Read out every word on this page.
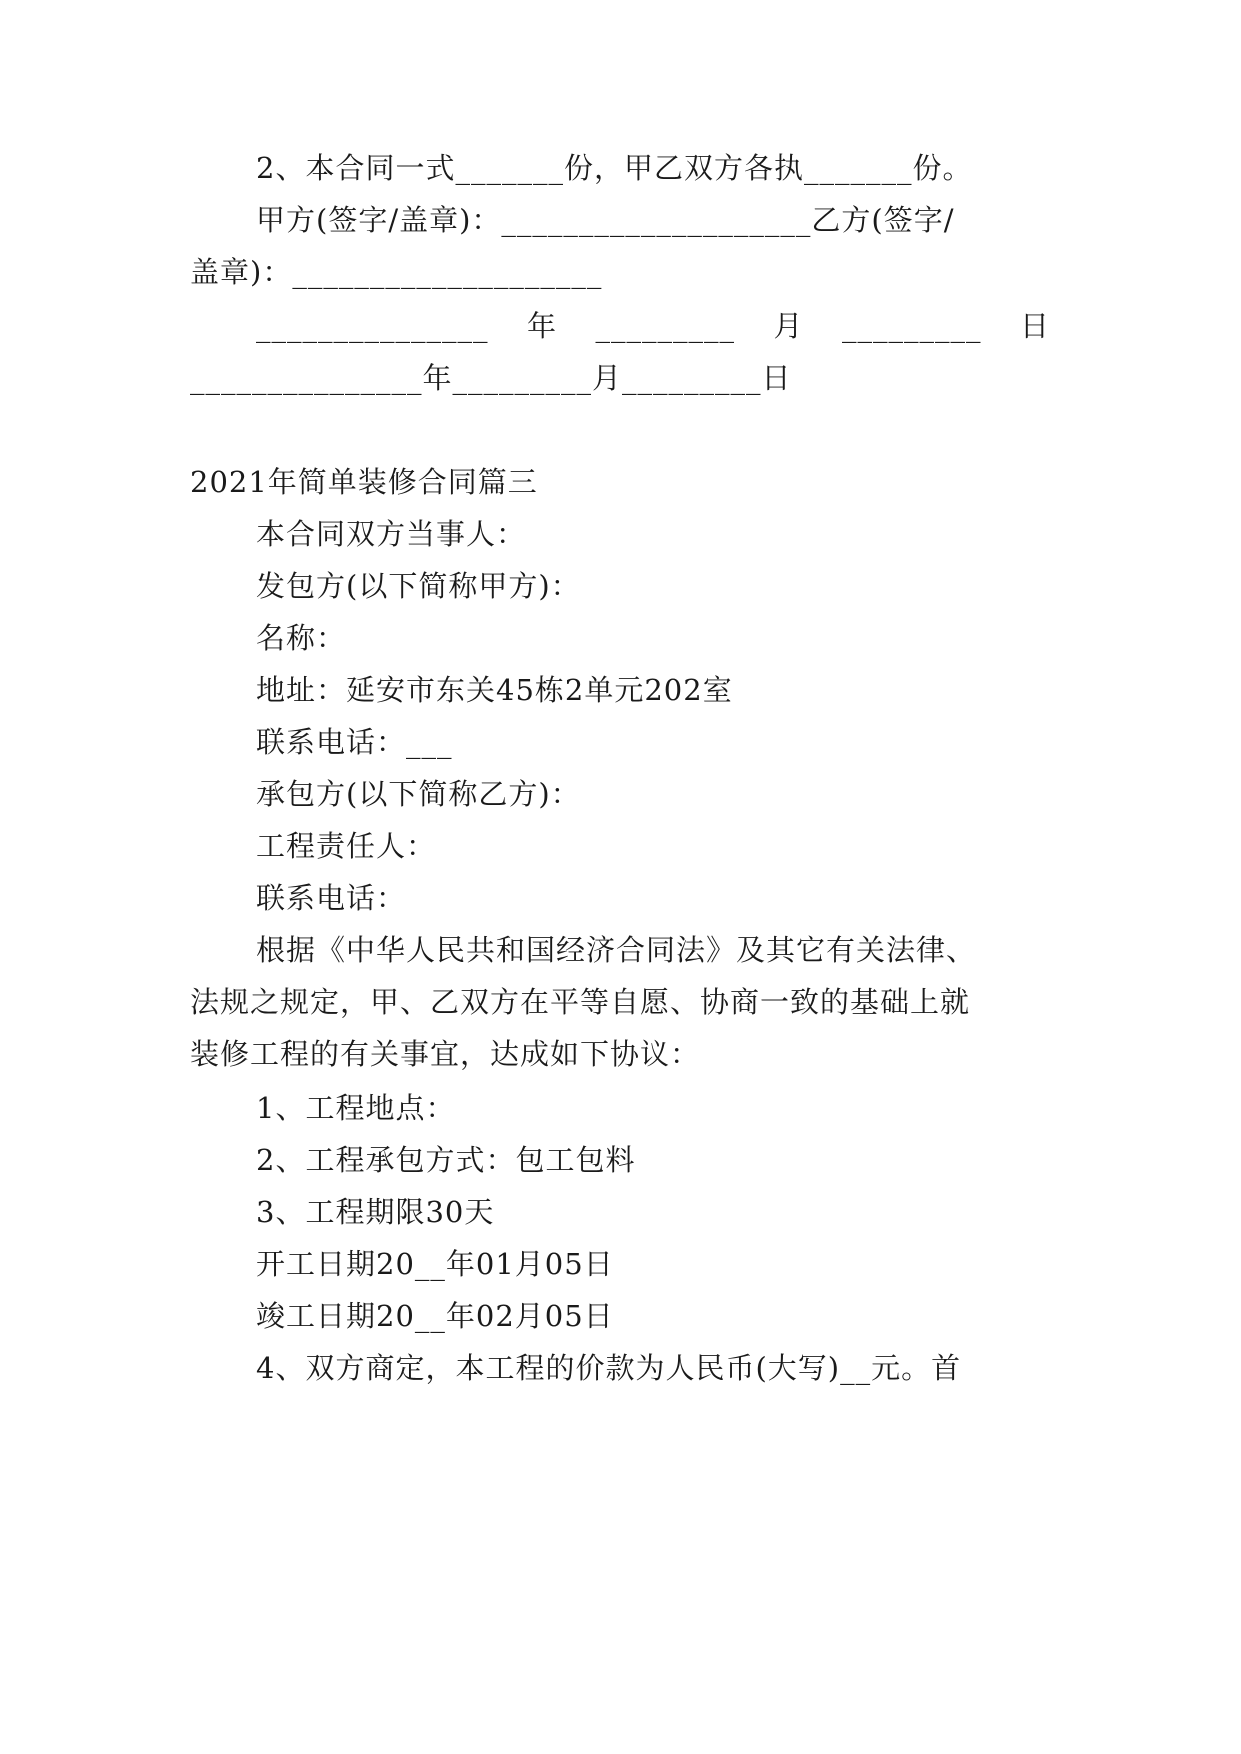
2、本合同一式_______份，甲乙双方各执_______份。
甲方(签字/盖章)：____________________乙方(签字/
盖章)：____________________
_______________ 年 _________ 月 _________ 日
_______________年_________月_________日
2021年简单装修合同篇三
本合同双方当事人：
发包方(以下简称甲方)：
名称：
地址：延安市东关45栋2单元202室
联系电话：___
承包方(以下简称乙方)：
工程责任人：
联系电话：
根据《中华人民共和国经济合同法》及其它有关法律、
法规之规定，甲、乙双方在平等自愿、协商一致的基础上就
装修工程的有关事宜，达成如下协议：
1、工程地点：
2、工程承包方式：包工包料
3、工程期限30天
开工日期20__年01月05日
竣工日期20__年02月05日
4、双方商定，本工程的价款为人民币(大写)__元。首
